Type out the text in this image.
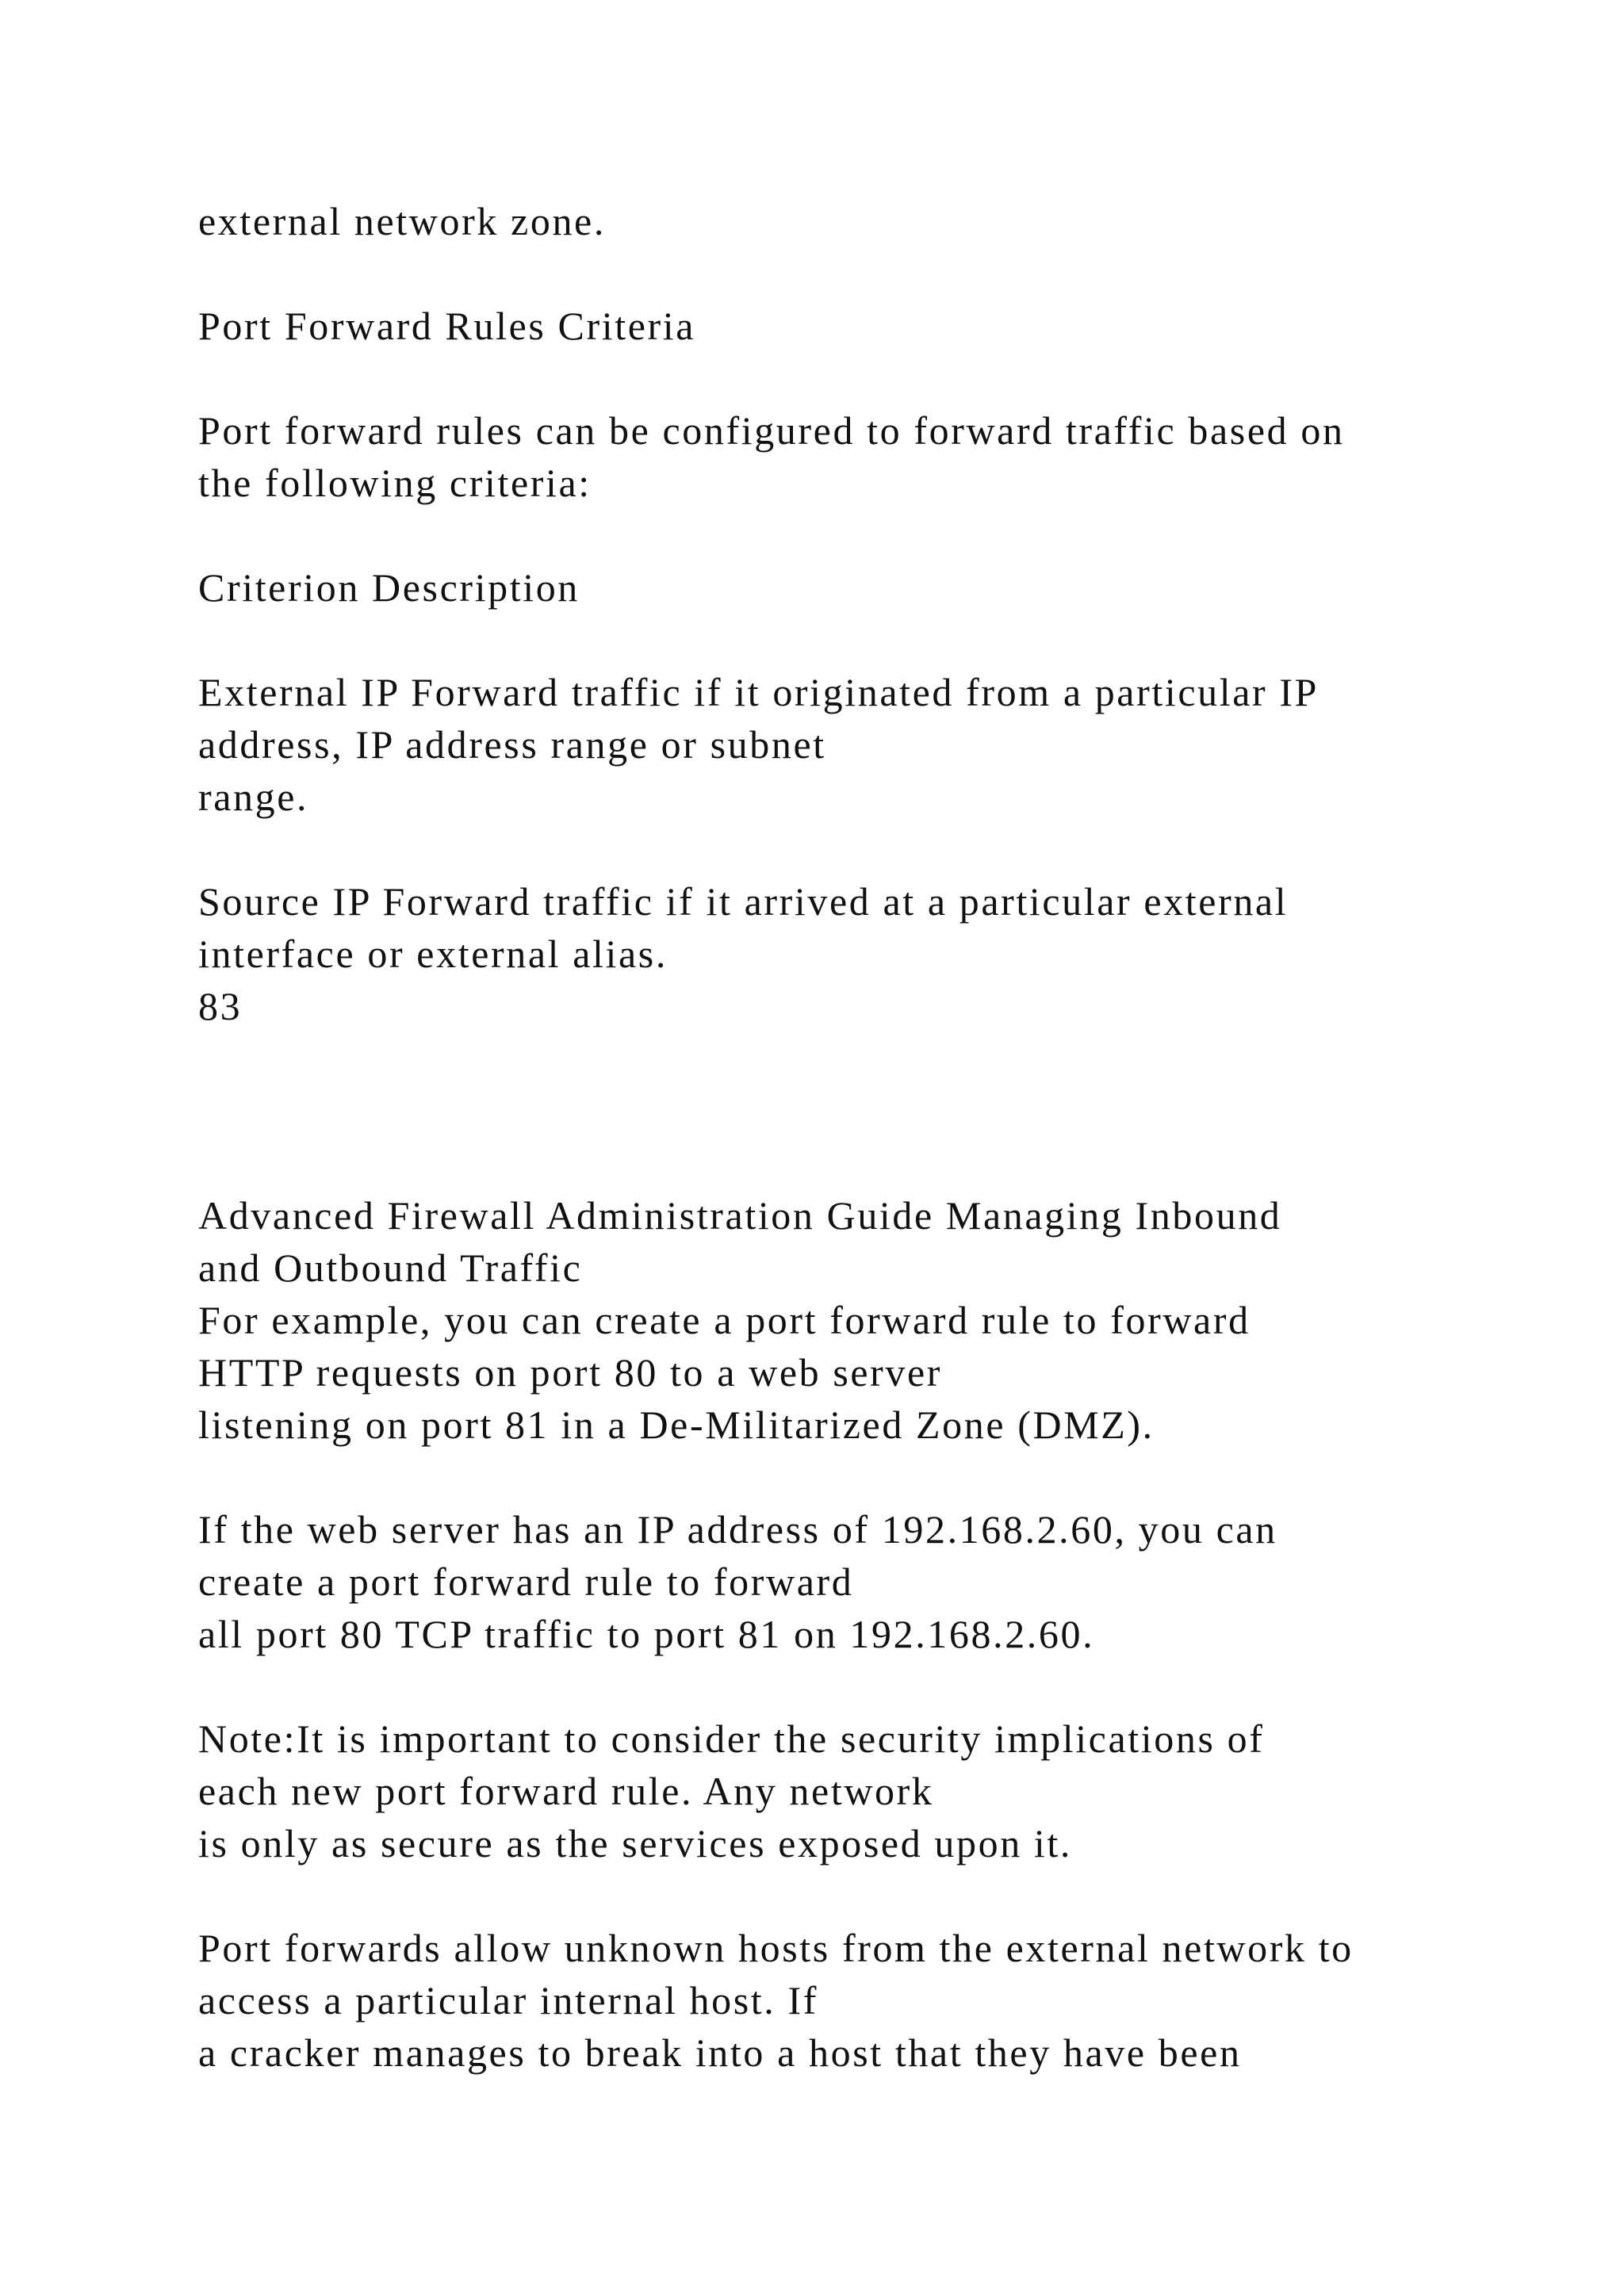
external network zone.
Port Forward Rules Criteria
Port forward rules can be configured to forward traffic based on
the following criteria:
Criterion Description
External IP Forward traffic if it originated from a particular IP
address, IP address range or subnet
range.
Source IP Forward traffic if it arrived at a particular external
interface or external alias.
83
Advanced Firewall Administration Guide Managing Inbound
and Outbound Traffic
For example, you can create a port forward rule to forward
HTTP requests on port 80 to a web server
listening on port 81 in a De-Militarized Zone (DMZ).
If the web server has an IP address of 192.168.2.60, you can
create a port forward rule to forward
all port 80 TCP traffic to port 81 on 192.168.2.60.
Note:It is important to consider the security implications of
each new port forward rule. Any network
is only as secure as the services exposed upon it.
Port forwards allow unknown hosts from the external network to
access a particular internal host. If
a cracker manages to break into a host that they have been
